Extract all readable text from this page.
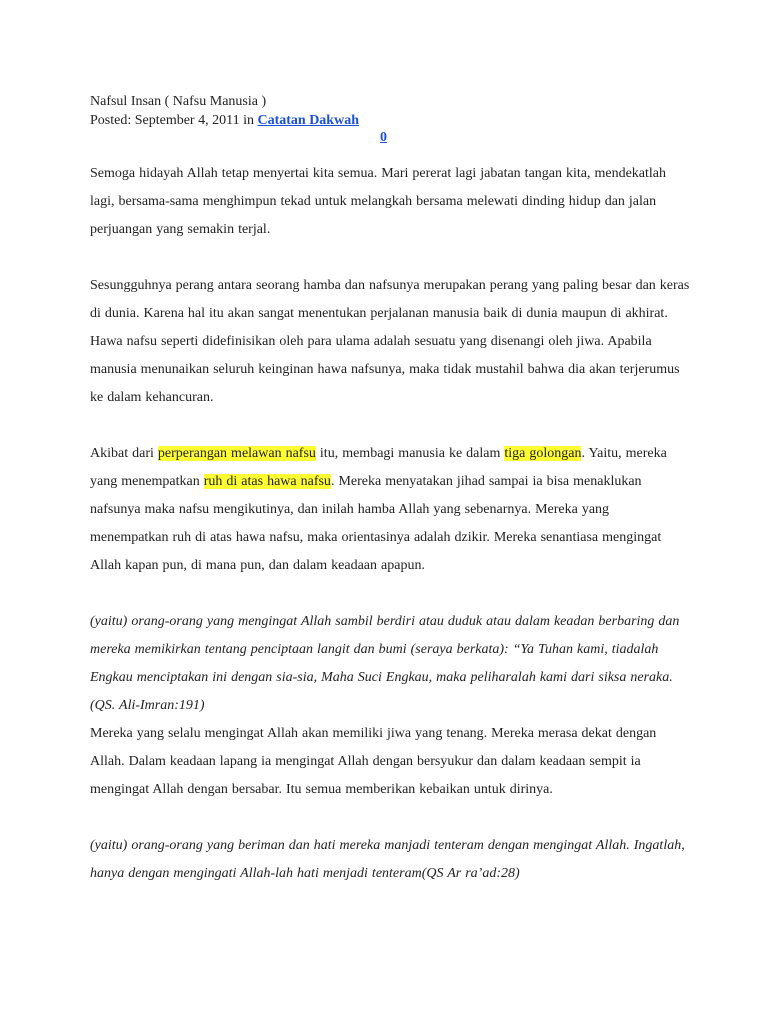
Nafsul Insan ( Nafsu Manusia )
Posted: September 4, 2011 in Catatan Dakwah
0

Semoga hidayah Allah tetap menyertai kita semua. Mari pererat lagi jabatan tangan kita, mendekatlah lagi, bersama-sama menghimpun tekad untuk melangkah bersama melewati dinding hidup dan jalan perjuangan yang semakin terjal.

Sesungguhnya perang antara seorang hamba dan nafsunya merupakan perang yang paling besar dan keras di dunia. Karena hal itu akan sangat menentukan perjalanan manusia baik di dunia maupun di akhirat. Hawa nafsu seperti didefinisikan oleh para ulama adalah sesuatu yang disenangi oleh jiwa. Apabila manusia menunaikan seluruh keinginan hawa nafsunya, maka tidak mustahil bahwa dia akan terjerumus ke dalam kehancuran.

Akibat dari perperangan melawan nafsu itu, membagi manusia ke dalam tiga golongan. Yaitu, mereka yang menempatkan ruh di atas hawa nafsu. Mereka menyatakan jihad sampai ia bisa menaklukan nafsunya maka nafsu mengikutinya, dan inilah hamba Allah yang sebenarnya. Mereka yang menempatkan ruh di atas hawa nafsu, maka orientasinya adalah dzikir. Mereka senantiasa mengingat Allah kapan pun, di mana pun, dan dalam keadaan apapun.

(yaitu) orang-orang yang mengingat Allah sambil berdiri atau duduk atau dalam keadan berbaring dan mereka memikirkan tentang penciptaan langit dan bumi (seraya berkata): “Ya Tuhan kami, tiadalah Engkau menciptakan ini dengan sia-sia, Maha Suci Engkau, maka peliharalah kami dari siksa neraka.(QS. Ali-Imran:191)

Mereka yang selalu mengingat Allah akan memiliki jiwa yang tenang. Mereka merasa dekat dengan Allah. Dalam keadaan lapang ia mengingat Allah dengan bersyukur dan dalam keadaan sempit ia mengingat Allah dengan bersabar. Itu semua memberikan kebaikan untuk dirinya.

(yaitu) orang-orang yang beriman dan hati mereka manjadi tenteram dengan mengingat Allah. Ingatlah, hanya dengan mengingati Allah-lah hati menjadi tenteram(QS Ar ra’ad:28)
